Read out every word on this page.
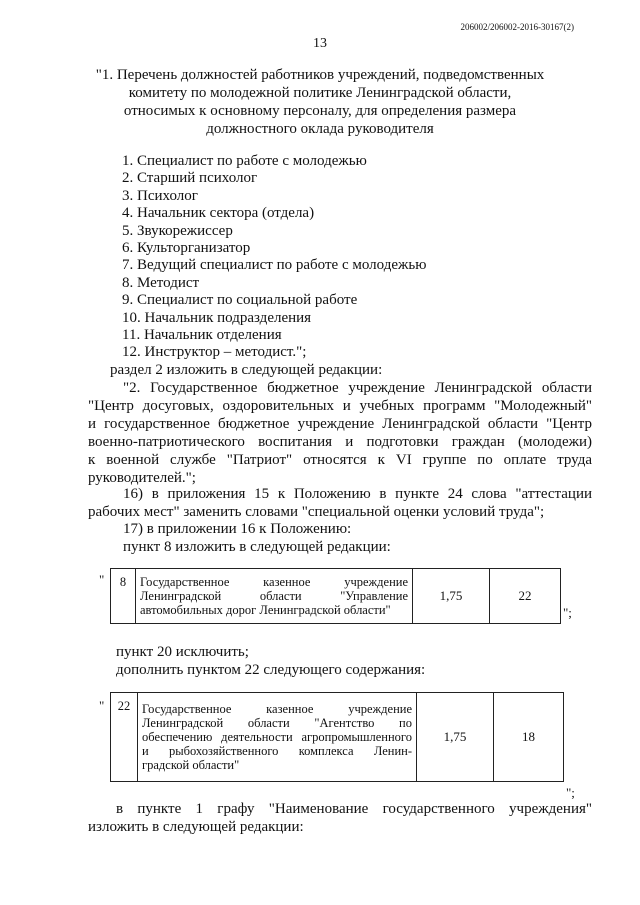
206002/206002-2016-30167(2)
13
"1. Перечень должностей работников учреждений, подведомственных
комитету по молодежной политике Ленинградской области,
относимых к основному персоналу, для определения размера
должностного оклада руководителя
1. Специалист по работе с молодежью
2. Старший психолог
3. Психолог
4. Начальник сектора (отдела)
5. Звукорежиссер
6. Культорганизатор
7. Ведущий специалист по работе с молодежью
8. Методист
9. Специалист по социальной работе
10. Начальник подразделения
11. Начальник отделения
12. Инструктор – методист.";
раздел 2 изложить в следующей редакции:
"2. Государственное бюджетное учреждение Ленинградской области
"Центр досуговых, оздоровительных и учебных программ "Молодежный"
и государственное бюджетное учреждение Ленинградской области "Центр
военно-патриотического воспитания и подготовки граждан (молодежи)
к военной службе "Патриот" относятся к VI группе по оплате труда
руководителей.";
16) в приложения 15 к Положению в пункте 24 слова "аттестации
рабочих мест" заменить словами "специальной оценки условий труда";
17) в приложении 16 к Положению:
пункт 8 изложить в следующей редакции:
" 8	Государственное казенное учреждение
Ленинградской области "Управление
автомобильных дорог Ленинградской области"
	1,75	22
";
пункт 20 исключить;
дополнить пунктом 22 следующего содержания:
" 22	Государственное казенное учреждение
Ленинградской области "Агентство по
обеспечению деятельности агропромышленного
и рыбохозяйственного комплекса Ленин-
градской области"
	1,75	18
";
в пункте 1 графу "Наименование государственного учреждения"
изложить в следующей редакции:
